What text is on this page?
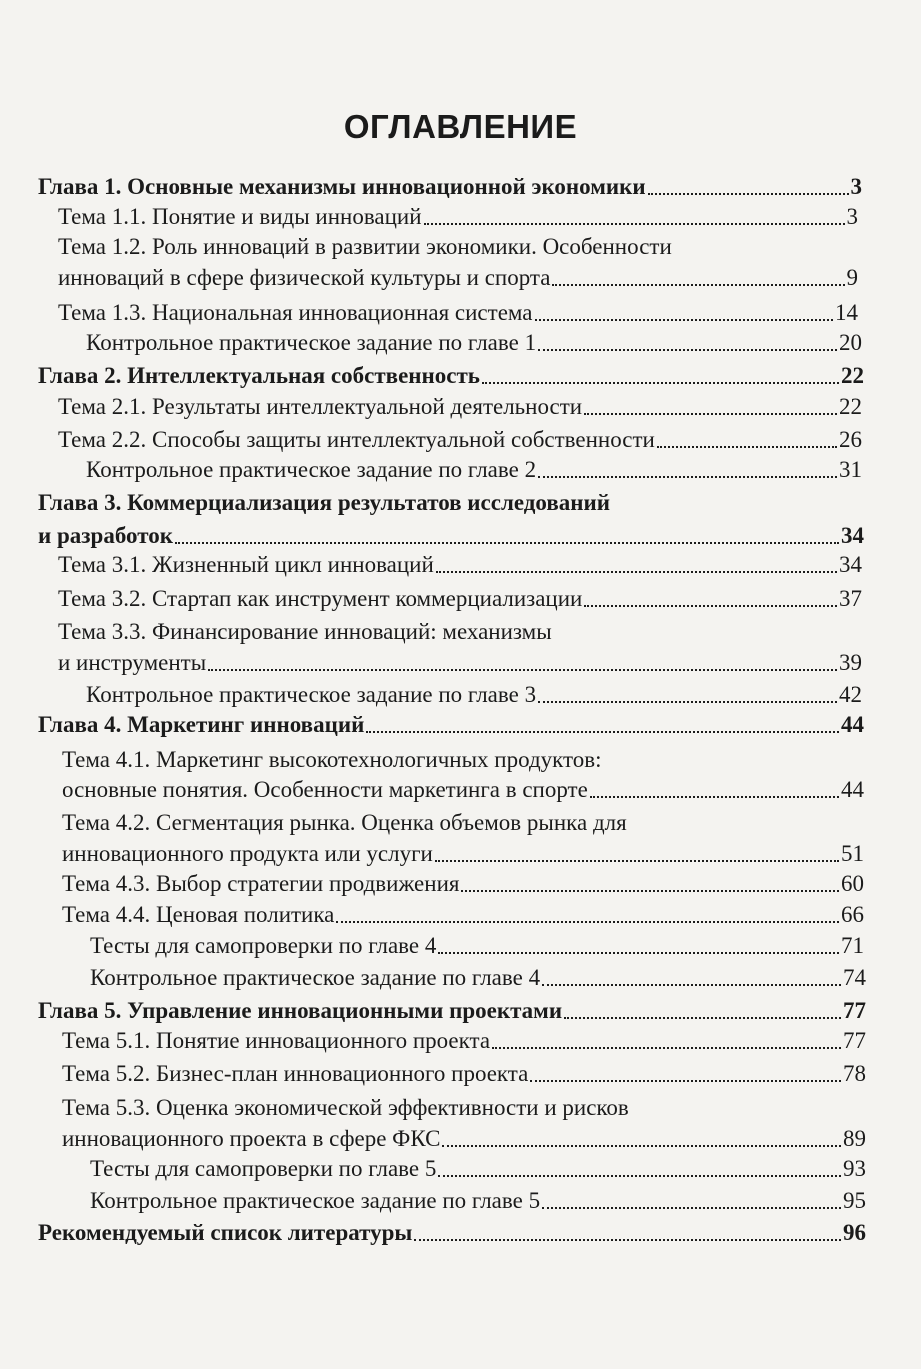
ОГЛАВЛЕНИЕ
Глава 1. Основные механизмы инновационной экономики	3
Тема 1.1. Понятие и виды инноваций	3
Тема 1.2. Роль инноваций в развитии экономики. Особенности
инноваций в сфере физической культуры и спорта	9
Тема 1.3. Национальная инновационная система	14
Контрольное практическое задание по главе 1	20
Глава 2. Интеллектуальная собственность	22
Тема 2.1. Результаты интеллектуальной деятельности	22
Тема 2.2. Способы защиты интеллектуальной собственности	26
Контрольное практическое задание по главе 2	31
Глава 3. Коммерциализация результатов исследований
и разработок	34
Тема 3.1. Жизненный цикл инноваций	34
Тема 3.2. Стартап как инструмент коммерциализации	37
Тема 3.3. Финансирование инноваций: механизмы
и инструменты	39
Контрольное практическое задание по главе 3	42
Глава 4. Маркетинг инноваций	44
Тема 4.1. Маркетинг высокотехнологичных продуктов:
основные понятия. Особенности маркетинга в спорте	44
Тема 4.2. Сегментация рынка. Оценка объемов рынка для
инновационного продукта или услуги	51
Тема 4.3. Выбор стратегии продвижения	60
Тема 4.4. Ценовая политика	66
Тесты для самопроверки по главе 4	71
Контрольное практическое задание по главе 4	74
Глава 5. Управление инновационными проектами	77
Тема 5.1. Понятие инновационного проекта	77
Тема 5.2. Бизнес-план инновационного проекта	78
Тема 5.3. Оценка экономической эффективности и рисков
инновационного проекта в сфере ФКС	89
Тесты для самопроверки по главе 5	93
Контрольное практическое задание по главе 5	95
Рекомендуемый список литературы	96
